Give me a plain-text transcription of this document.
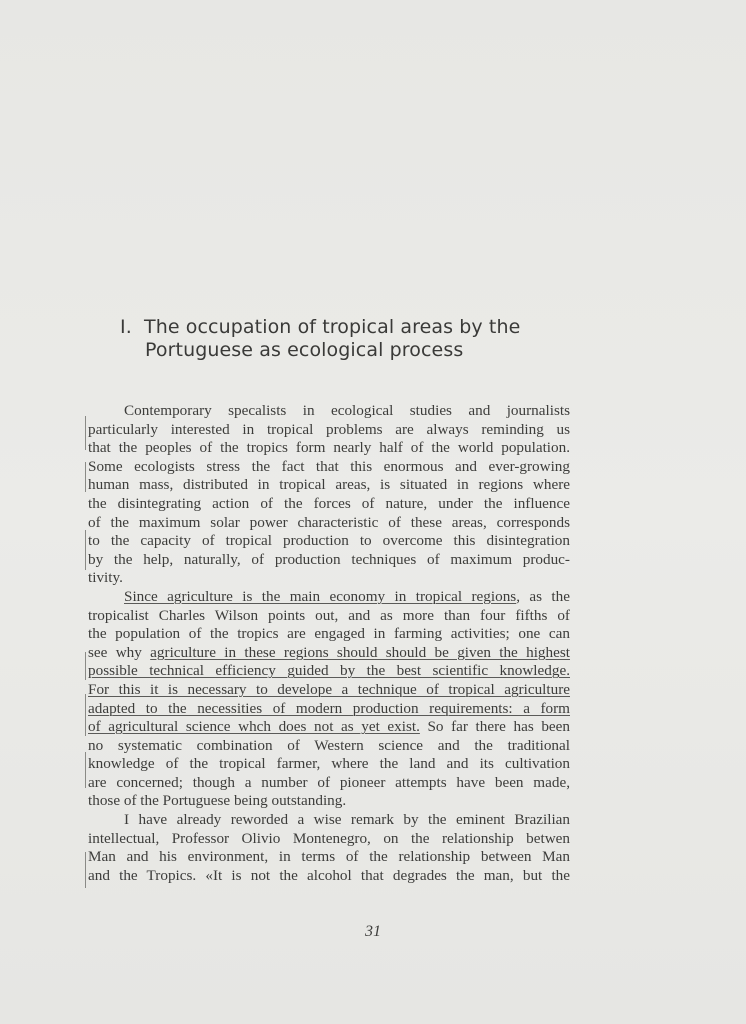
I. The occupation of tropical areas by the
Portuguese as ecological process

Contemporary specalists in ecological studies and journalists
particularly interested in tropical problems are always reminding us
that the peoples of the tropics form nearly half of the world population.
Some ecologists stress the fact that this enormous and ever-growing
human mass, distributed in tropical areas, is situated in regions where
the disintegrating action of the forces of nature, under the influence
of the maximum solar power characteristic of these areas, corresponds
to the capacity of tropical production to overcome this disintegration
by the help, naturally, of production techniques of maximum produc-
tivity.

Since agriculture is the main economy in tropical regions, as the
tropicalist Charles Wilson points out, and as more than four fifths of
the population of the tropics are engaged in farming activities; one can
see why agriculture in these regions should should be given the highest
possible technical efficiency guided by the best scientific knowledge.
For this it is necessary to develope a technique of tropical agriculture
adapted to the necessities of modern production requirements: a form
of agricultural science whch does not as yet exist. So far there has been
no systematic combination of Western science and the traditional
knowledge of the tropical farmer, where the land and its cultivation
are concerned; though a number of pioneer attempts have been made,
those of the Portuguese being outstanding.

I have already reworded a wise remark by the eminent Brazilian
intellectual, Professor Olivio Montenegro, on the relationship betwen
Man and his environment, in terms of the relationship between Man
and the Tropics. «It is not the alcohol that degrades the man, but the

31
